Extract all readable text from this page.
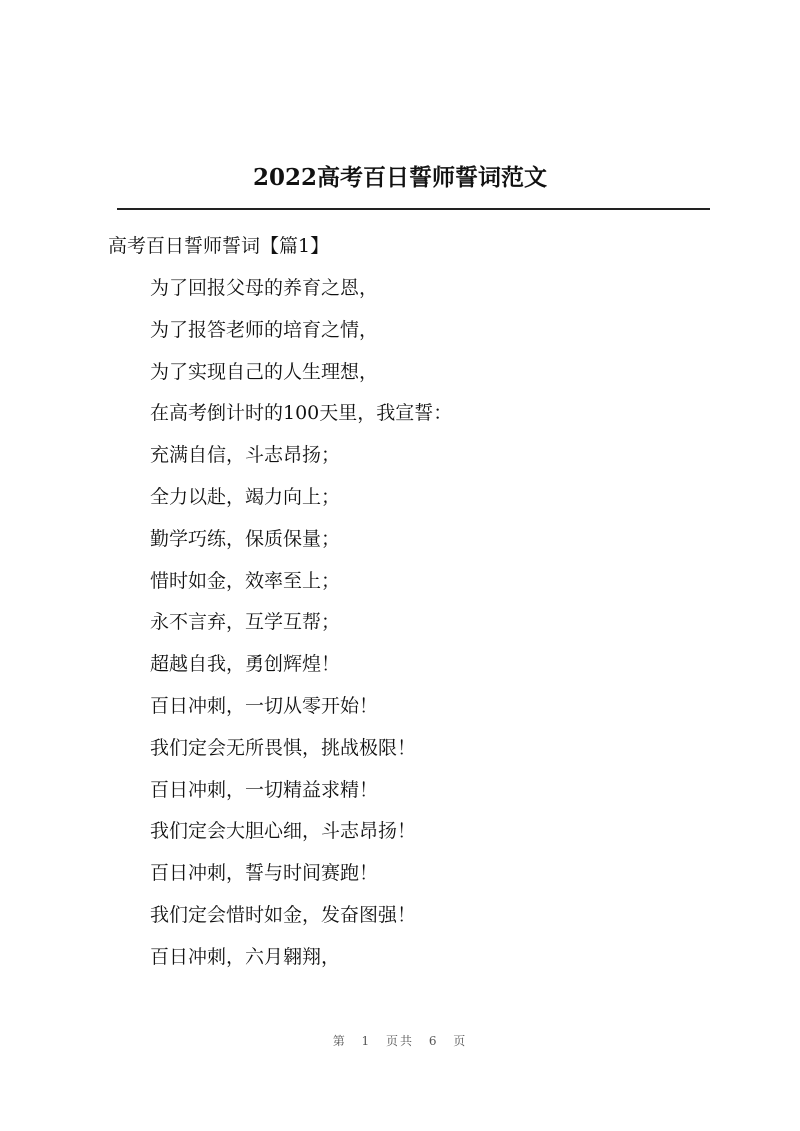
2022高考百日誓师誓词范文
高考百日誓师誓词【篇1】
为了回报父母的养育之恩，
为了报答老师的培育之情，
为了实现自己的人生理想，
在高考倒计时的100天里，我宣誓：
充满自信，斗志昂扬；
全力以赴，竭力向上；
勤学巧练，保质保量；
惜时如金，效率至上；
永不言弃，互学互帮；
超越自我，勇创辉煌！
百日冲刺，一切从零开始！
我们定会无所畏惧，挑战极限！
百日冲刺，一切精益求精！
我们定会大胆心细，斗志昂扬！
百日冲刺，誓与时间赛跑！
我们定会惜时如金，发奋图强！
百日冲刺，六月翱翔，
第 1 页共 6 页
